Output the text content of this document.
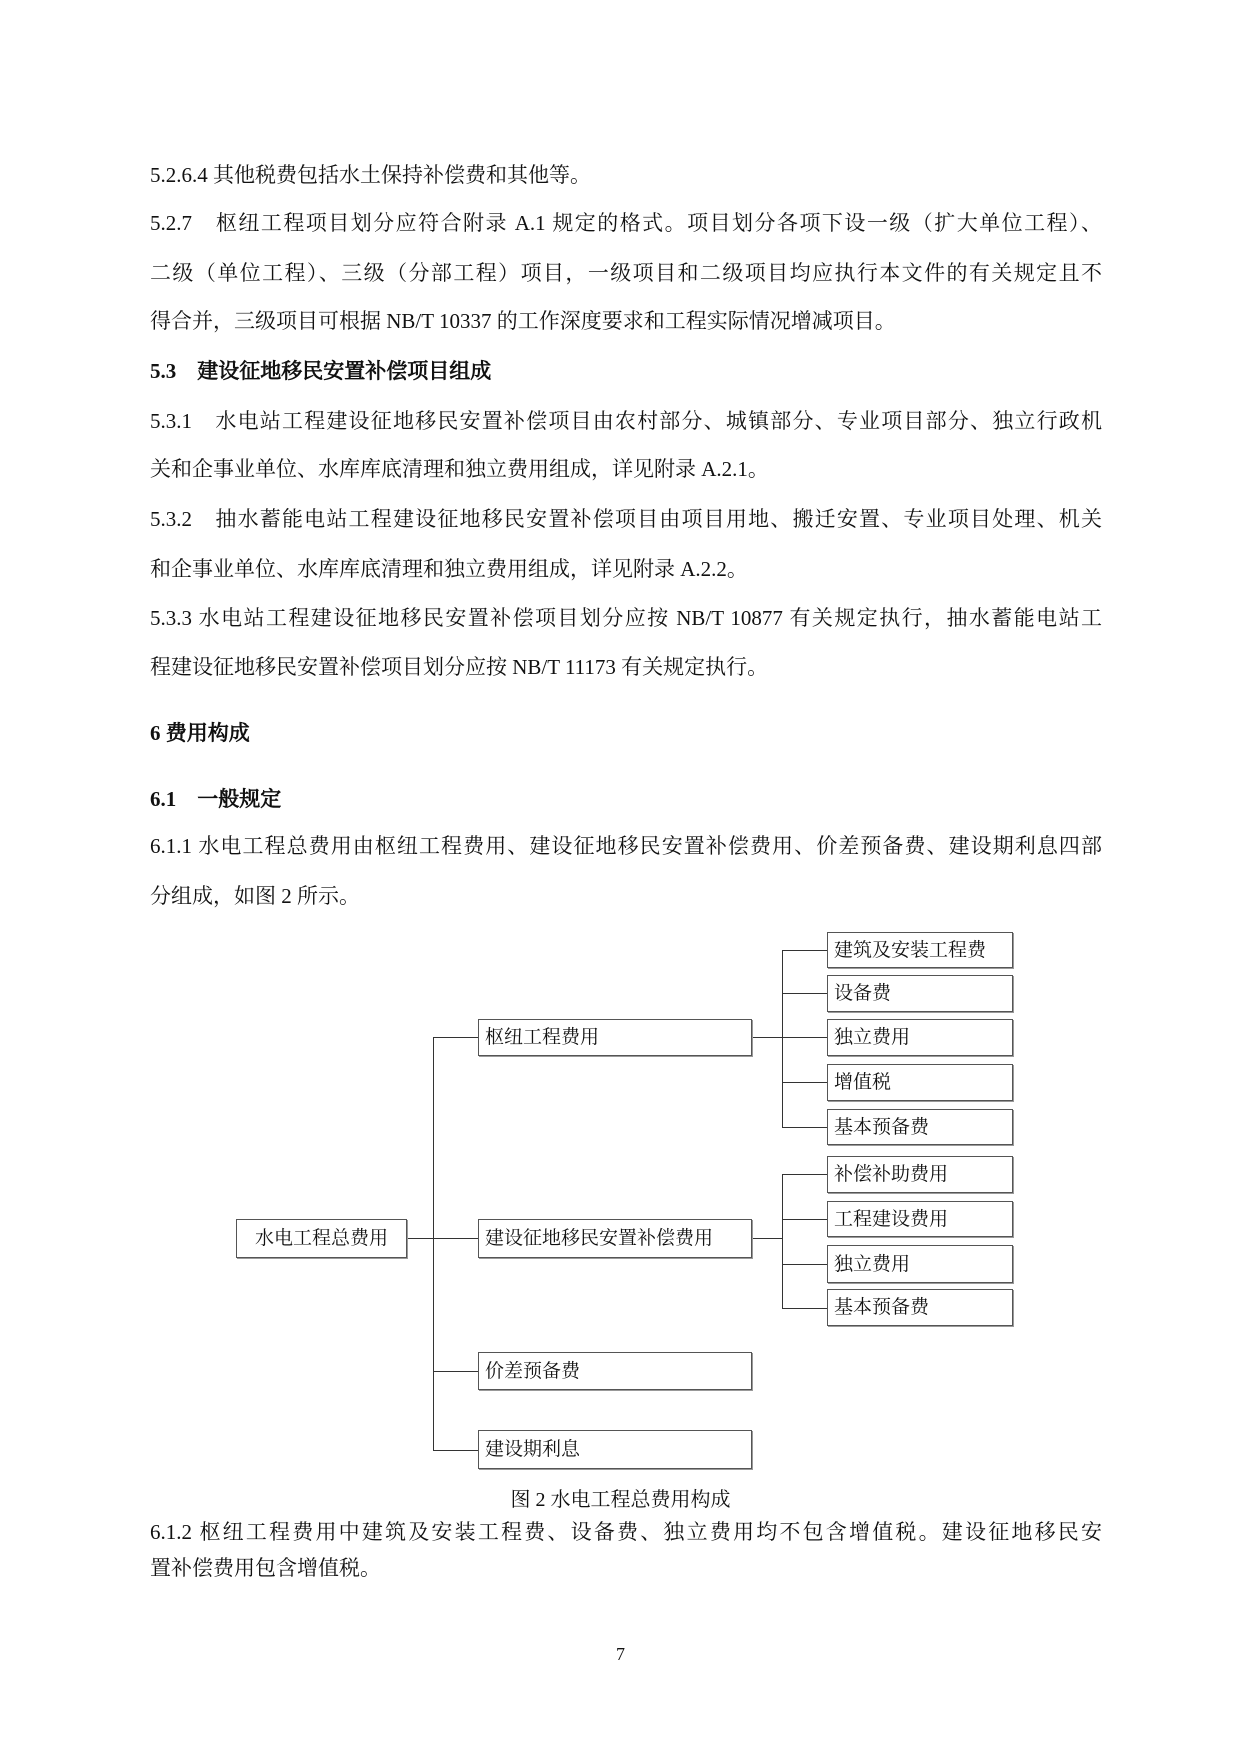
5.2.6.4 其他税费包括水土保持补偿费和其他等。
5.2.7　枢纽工程项目划分应符合附录 A.1 规定的格式。项目划分各项下设一级（扩大单位工程）、
二级（单位工程）、三级（分部工程）项目，一级项目和二级项目均应执行本文件的有关规定且不
得合并，三级项目可根据 NB/T 10337 的工作深度要求和工程实际情况增减项目。
5.3　建设征地移民安置补偿项目组成
5.3.1　水电站工程建设征地移民安置补偿项目由农村部分、城镇部分、专业项目部分、独立行政机
关和企事业单位、水库库底清理和独立费用组成，详见附录 A.2.1。
5.3.2　抽水蓄能电站工程建设征地移民安置补偿项目由项目用地、搬迁安置、专业项目处理、机关
和企事业单位、水库库底清理和独立费用组成，详见附录 A.2.2。
5.3.3 水电站工程建设征地移民安置补偿项目划分应按 NB/T 10877 有关规定执行，抽水蓄能电站工
程建设征地移民安置补偿项目划分应按 NB/T 11173 有关规定执行。
6 费用构成
6.1　一般规定
6.1.1 水电工程总费用由枢纽工程费用、建设征地移民安置补偿费用、价差预备费、建设期利息四部
分组成，如图 2 所示。
水电工程总费用
枢纽工程费用
建设征地移民安置补偿费用
价差预备费
建设期利息
建筑及安装工程费
设备费
独立费用
增值税
基本预备费
补偿补助费用
工程建设费用
独立费用
基本预备费
图 2 水电工程总费用构成
6.1.2 枢纽工程费用中建筑及安装工程费、设备费、独立费用均不包含增值税。建设征地移民安
置补偿费用包含增值税。
7
